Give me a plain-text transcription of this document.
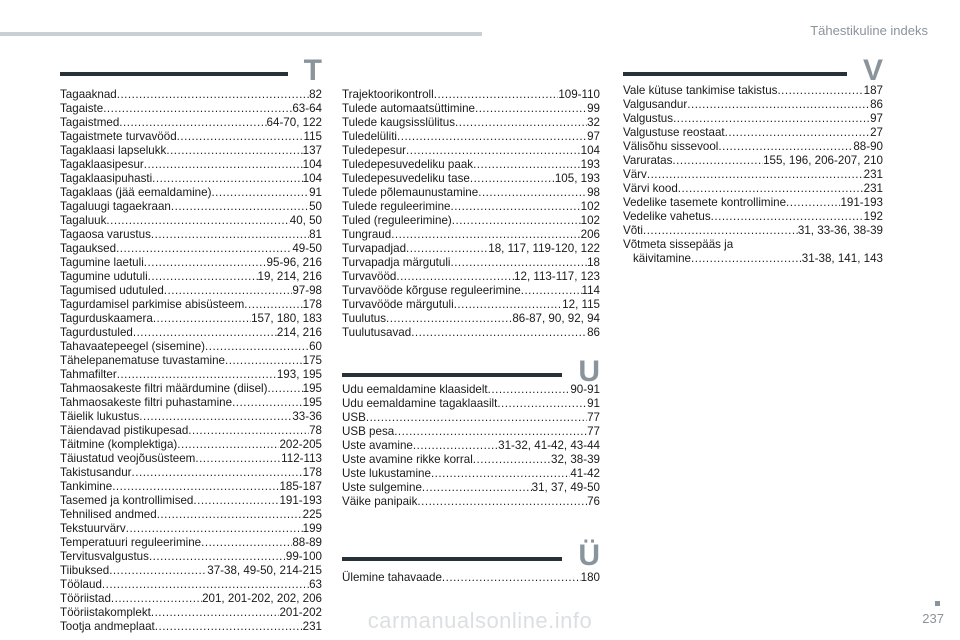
Tähestikuline indeks
T
Tagaaknad .....	82
Tagaiste .....	63-64
Tagaistmed .....	64-70, 122
Tagaistmete turvavööd .....	115
Tagaklaasi lapselukk .....	137
Tagaklaasipesur .....	104
Tagaklaasipuhasti .....	104
Tagaklaas (jää eemaldamine) .....	91
Tagaluugi tagaekraan .....	50
Tagaluuk .....	40, 50
Tagaosa varustus .....	81
Tagauksed .....	49-50
Tagumine laetuli .....	95-96, 216
Tagumine udutuli .....	19, 214, 216
Tagumised udutuled .....	97-98
Tagurdamisel parkimise abisüsteem .....	178
Tagurduskaamera .....	157, 180, 183
Tagurdustuled .....	214, 216
Tahavaatepeegel (sisemine) .....	60
Tähelepanematuse tuvastamine .....	175
Tahmafilter .....	193, 195
Tahmaosakeste filtri määrdumine (diisel) .....	195
Tahmaosakeste filtri puhastamine .....	195
Täielik lukustus .....	33-36
Täiendavad pistikupesad .....	78
Täitmine (komplektiga) .....	202-205
Täiustatud veojõusüsteem .....	112-113
Takistusandur .....	178
Tankimine .....	185-187
Tasemed ja kontrollimised .....	191-193
Tehnilised andmed .....	225
Tekstuurvärv .....	199
Temperatuuri reguleerimine .....	88-89
Tervitusvalgustus .....	99-100
Tiibuksed .....	37-38, 49-50, 214-215
Töölaud .....	63
Tööriistad .....	201, 201-202, 202, 206
Tööriistakomplekt .....	201-202
Tootja andmeplaat .....	231
Trajektoorikontroll .....	109-110
Tulede automaatsüttimine .....	99
Tulede kaugsisslülitus .....	32
Tuledelüliti .....	97
Tuledepesur .....	104
Tuledepesuvedeliku paak .....	193
Tuledepesuvedeliku tase .....	105, 193
Tulede põlemaunustamine .....	98
Tulede reguleerimine .....	102
Tuled (reguleerimine) .....	102
Tungraud .....	206
Turvapadjad .....	18, 117, 119-120, 122
Turvapadja märgutuli .....	18
Turvavööd .....	12, 113-117, 123
Turvavööde kõrguse reguleerimine .....	114
Turvavööde märgutuli .....	12, 115
Tuulutus .....	86-87, 90, 92, 94
Tuulutusavad .....	86
U
Udu eemaldamine klaasidelt .....	90-91
Udu eemaldamine tagaklaasilt .....	91
USB .....	77
USB pesa .....	77
Uste avamine .....	31-32, 41-42, 43-44
Uste avamine rikke korral .....	32, 38-39
Uste lukustamine .....	41-42
Uste sulgemine .....	31, 37, 49-50
Väike panipaik .....	76
Ü
Ülemine tahavaade .....	180
V
Vale kütuse tankimise takistus .....	187
Valgusandur .....	86
Valgustus .....	97
Valgustuse reostaat .....	27
Välisõhu sissevool .....	88-90
Varuratas .....	155, 196, 206-207, 210
Värv .....	231
Värvi kood .....	231
Vedelike tasemete kontrollimine .....	191-193
Vedelike vahetus .....	192
Võti .....	31, 33-36, 38-39
Võtmeta sissepääs ja
käivitamine .....	31-38, 141, 143
237
carmanualsonline.info
